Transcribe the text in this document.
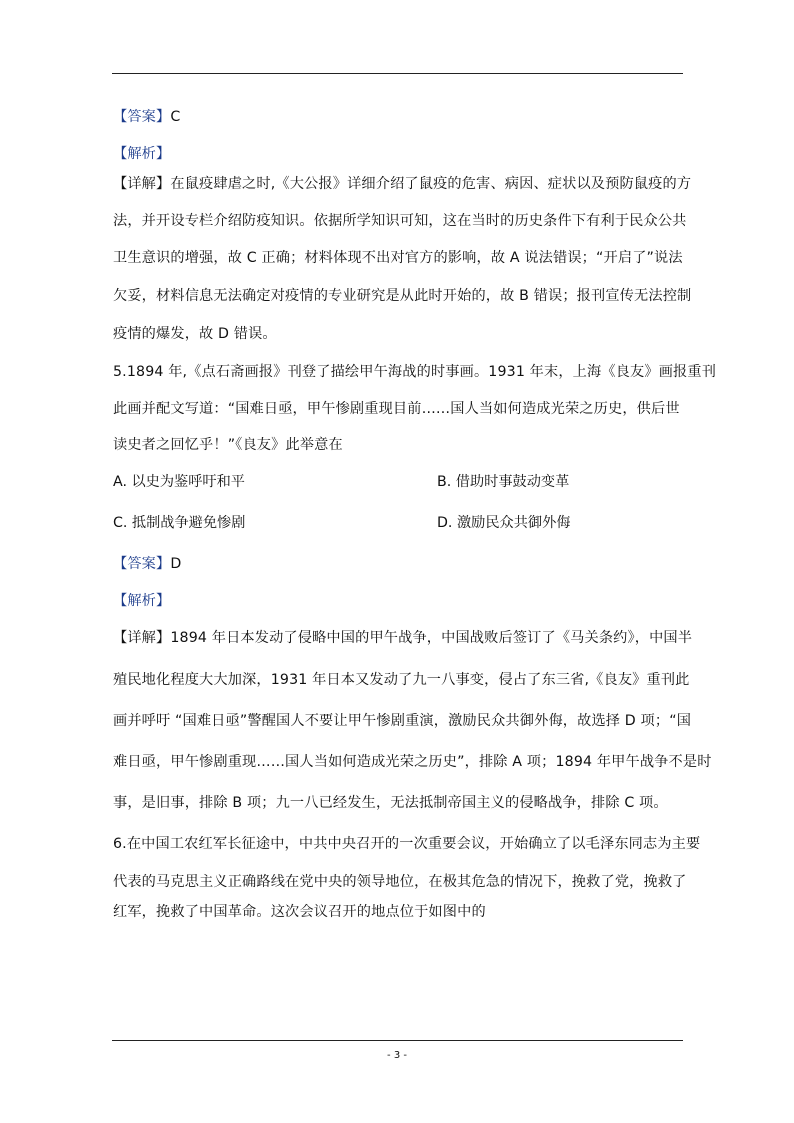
【答案】C
【解析】
【详解】在鼠疫肆虐之时,《大公报》详细介绍了鼠疫的危害、病因、症状以及预防鼠疫的方
法，并开设专栏介绍防疫知识。依据所学知识可知，这在当时的历史条件下有利于民众公共
卫生意识的增强，故 C 正确；材料体现不出对官方的影响，故 A 说法错误；“开启了”说法
欠妥，材料信息无法确定对疫情的专业研究是从此时开始的，故 B 错误；报刊宣传无法控制
疫情的爆发，故 D 错误。
5.1894 年,《点石斋画报》刊登了描绘甲午海战的时事画。1931 年末，上海《良友》画报重刊
此画并配文写道：“国难日亟，甲午惨剧重现目前……国人当如何造成光荣之历史，供后世
读史者之回忆乎！”《良友》此举意在
A. 以史为鉴呼吁和平	B. 借助时事鼓动变革
C. 抵制战争避免惨剧	D. 激励民众共御外侮
【答案】D
【解析】
【详解】1894 年日本发动了侵略中国的甲午战争，中国战败后签订了《马关条约》，中国半
殖民地化程度大大加深，1931 年日本又发动了九一八事变，侵占了东三省,《良友》重刊此
画并呼吁 “国难日亟”警醒国人不要让甲午惨剧重演，激励民众共御外侮，故选择 D 项；“国
难日亟，甲午惨剧重现……国人当如何造成光荣之历史”，排除 A 项；1894 年甲午战争不是时
事，是旧事，排除 B 项；九一八已经发生，无法抵制帝国主义的侵略战争，排除 C 项。
6.在中国工农红军长征途中，中共中央召开的一次重要会议，开始确立了以毛泽东同志为主要
代表的马克思主义正确路线在党中央的领导地位，在极其危急的情况下，挽救了党，挽救了
红军，挽救了中国革命。这次会议召开的地点位于如图中的
- 3 -
